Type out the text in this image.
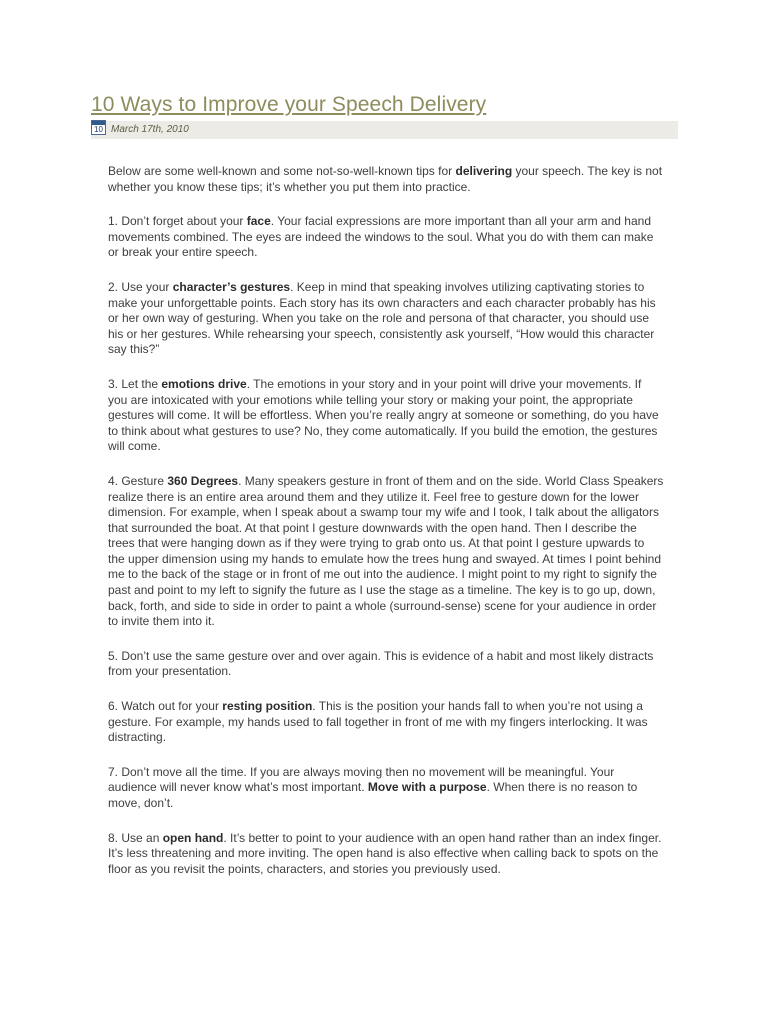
10 Ways to Improve your Speech Delivery
10 March 17th, 2010

Below are some well-known and some not-so-well-known tips for delivering your speech. The key is not whether you know these tips; it’s whether you put them into practice.

1. Don’t forget about your face. Your facial expressions are more important than all your arm and hand movements combined. The eyes are indeed the windows to the soul. What you do with them can make or break your entire speech.

2. Use your character’s gestures. Keep in mind that speaking involves utilizing captivating stories to make your unforgettable points. Each story has its own characters and each character probably has his or her own way of gesturing. When you take on the role and persona of that character, you should use his or her gestures. While rehearsing your speech, consistently ask yourself, “How would this character say this?”

3. Let the emotions drive. The emotions in your story and in your point will drive your movements. If you are intoxicated with your emotions while telling your story or making your point, the appropriate gestures will come. It will be effortless. When you’re really angry at someone or something, do you have to think about what gestures to use? No, they come automatically. If you build the emotion, the gestures will come.

4. Gesture 360 Degrees. Many speakers gesture in front of them and on the side. World Class Speakers realize there is an entire area around them and they utilize it. Feel free to gesture down for the lower dimension. For example, when I speak about a swamp tour my wife and I took, I talk about the alligators that surrounded the boat. At that point I gesture downwards with the open hand. Then I describe the trees that were hanging down as if they were trying to grab onto us. At that point I gesture upwards to the upper dimension using my hands to emulate how the trees hung and swayed. At times I point behind me to the back of the stage or in front of me out into the audience. I might point to my right to signify the past and point to my left to signify the future as I use the stage as a timeline. The key is to go up, down, back, forth, and side to side in order to paint a whole (surround-sense) scene for your audience in order to invite them into it.

5. Don’t use the same gesture over and over again. This is evidence of a habit and most likely distracts from your presentation.

6. Watch out for your resting position. This is the position your hands fall to when you’re not using a gesture. For example, my hands used to fall together in front of me with my fingers interlocking. It was distracting.

7. Don’t move all the time. If you are always moving then no movement will be meaningful. Your audience will never know what’s most important. Move with a purpose. When there is no reason to move, don’t.

8. Use an open hand. It’s better to point to your audience with an open hand rather than an index finger. It’s less threatening and more inviting. The open hand is also effective when calling back to spots on the floor as you revisit the points, characters, and stories you previously used.
